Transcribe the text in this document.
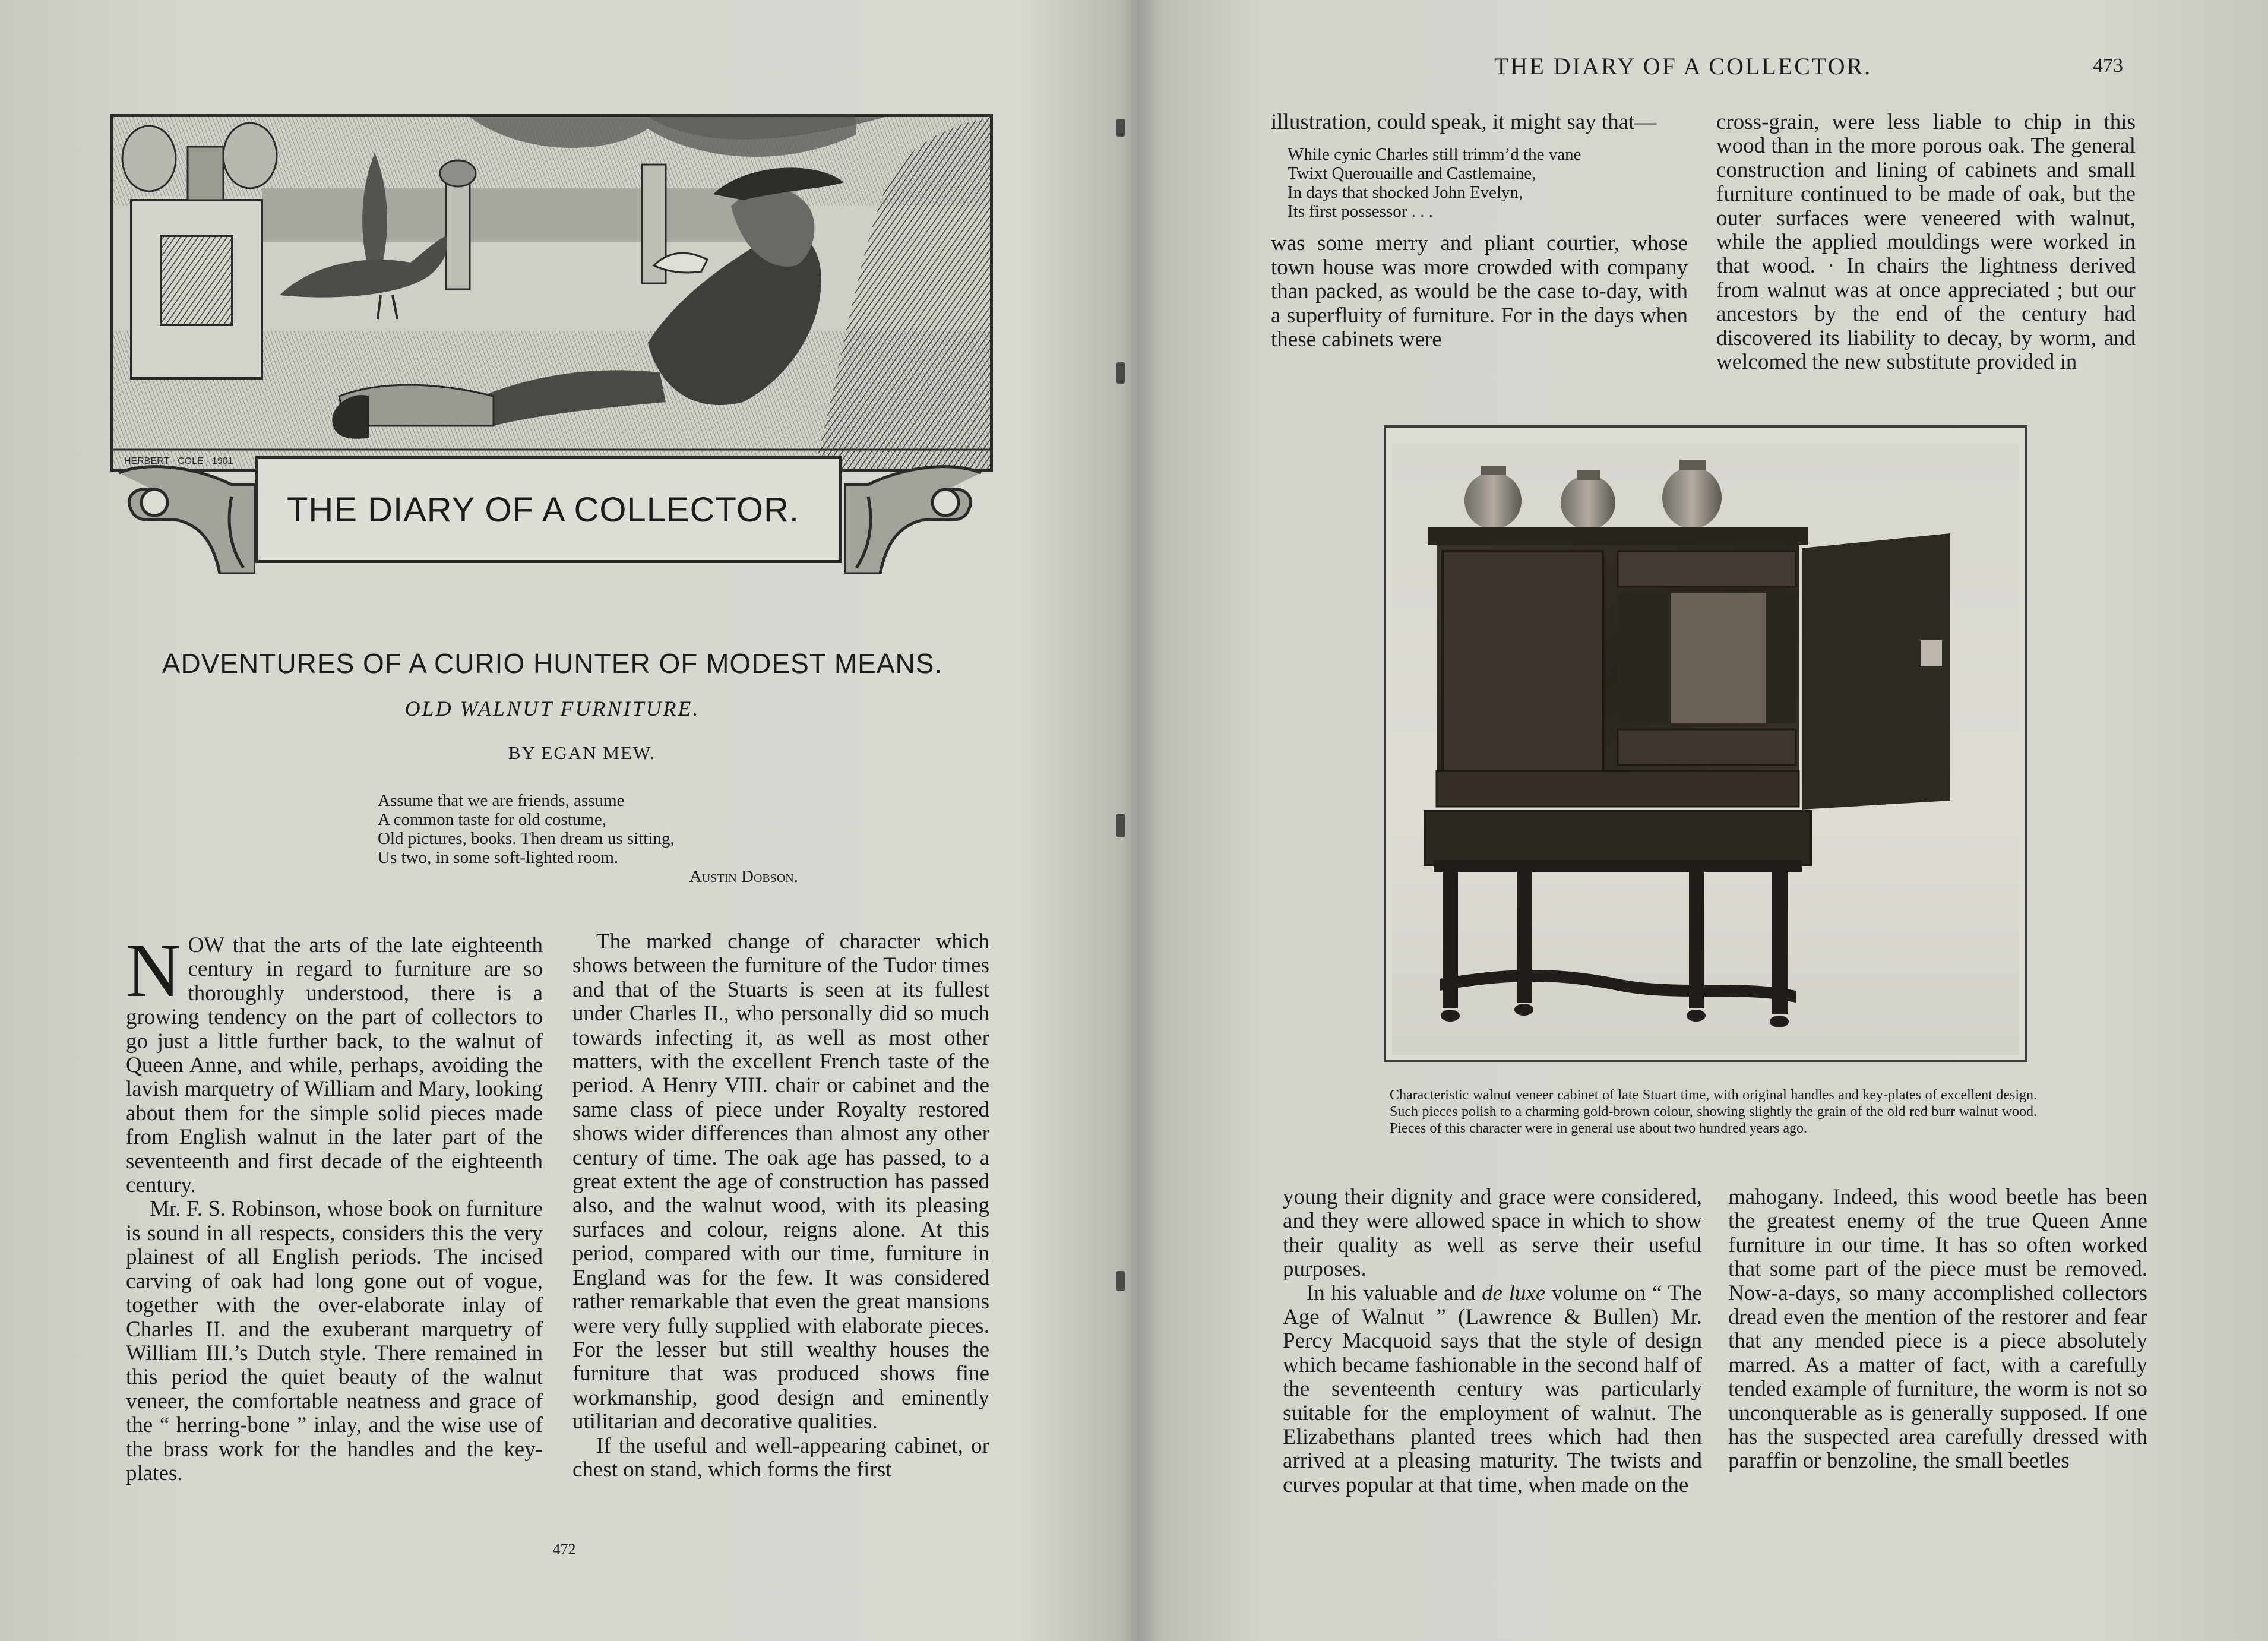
HERBERT · COLE · 1901
THE DIARY OF A COLLECTOR.
ADVENTURES OF A CURIO HUNTER OF MODEST MEANS.
OLD WALNUT FURNITURE.
BY EGAN MEW.
Assume that we are friends, assume
A common taste for old costume,
Old pictures, books. Then dream us sitting,
Us two, in some soft-lighted room.
Austin Dobson.

NOW that the arts of the late eighteenth century in regard to furniture are so thoroughly understood, there is a growing tendency on the part of collectors to go just a little further back, to the walnut of Queen Anne, and while, perhaps, avoiding the lavish marquetry of William and Mary, looking about them for the simple solid pieces made from English walnut in the later part of the seventeenth and first decade of the eighteenth century.

Mr. F. S. Robinson, whose book on furniture is sound in all respects, considers this the very plainest of all English periods. The incised carving of oak had long gone out of vogue, together with the over-elaborate inlay of Charles II. and the exuberant marquetry of William III.’s Dutch style. There remained in this period the quiet beauty of the walnut veneer, the comfortable neatness and grace of the “ herring-bone ” inlay, and the wise use of the brass work for the handles and the key-plates.

The marked change of character which shows between the furniture of the Tudor times and that of the Stuarts is seen at its fullest under Charles II., who personally did so much towards infecting it, as well as most other matters, with the excellent French taste of the period. A Henry VIII. chair or cabinet and the same class of piece under Royalty restored shows wider differences than almost any other century of time. The oak age has passed, to a great extent the age of construction has passed also, and the walnut wood, with its pleasing surfaces and colour, reigns alone. At this period, compared with our time, furniture in England was for the few. It was considered rather remarkable that even the great mansions were very fully supplied with elaborate pieces. For the lesser but still wealthy houses the furniture that was produced shows fine workmanship, good design and eminently utilitarian and decorative qualities.

If the useful and well-appearing cabinet, or chest on stand, which forms the first

472
THE DIARY OF A COLLECTOR.	473

illustration, could speak, it might say that—

While cynic Charles still trimm’d the vane
Twixt Querouaille and Castlemaine,
In days that shocked John Evelyn,
Its first possessor . . .

was some merry and pliant courtier, whose town house was more crowded with company than packed, as would be the case to-day, with a superfluity of furniture. For in the days when these cabinets were

cross-grain, were less liable to chip in this wood than in the more porous oak. The general construction and lining of cabinets and small furniture continued to be made of oak, but the outer surfaces were veneered with walnut, while the applied mouldings were worked in that wood. · In chairs the lightness derived from walnut was at once appreciated ; but our ancestors by the end of the century had discovered its liability to decay, by worm, and welcomed the new substitute provided in

Characteristic walnut veneer cabinet of late Stuart time, with original handles and key-plates of excellent design. Such pieces polish to a charming gold-brown colour, showing slightly the grain of the old red burr walnut wood. Pieces of this character were in general use about two hundred years ago.

young their dignity and grace were considered, and they were allowed space in which to show their quality as well as serve their useful purposes.

In his valuable and de luxe volume on “ The Age of Walnut ” (Lawrence & Bullen) Mr. Percy Macquoid says that the style of design which became fashionable in the second half of the seventeenth century was particularly suitable for the employment of walnut. The Elizabethans planted trees which had then arrived at a pleasing maturity. The twists and curves popular at that time, when made on the

mahogany. Indeed, this wood beetle has been the greatest enemy of the true Queen Anne furniture in our time. It has so often worked that some part of the piece must be removed. Now-a-days, so many accomplished collectors dread even the mention of the restorer and fear that any mended piece is a piece absolutely marred. As a matter of fact, with a carefully tended example of furniture, the worm is not so unconquerable as is generally supposed. If one has the suspected area carefully dressed with paraffin or benzoline, the small beetles
